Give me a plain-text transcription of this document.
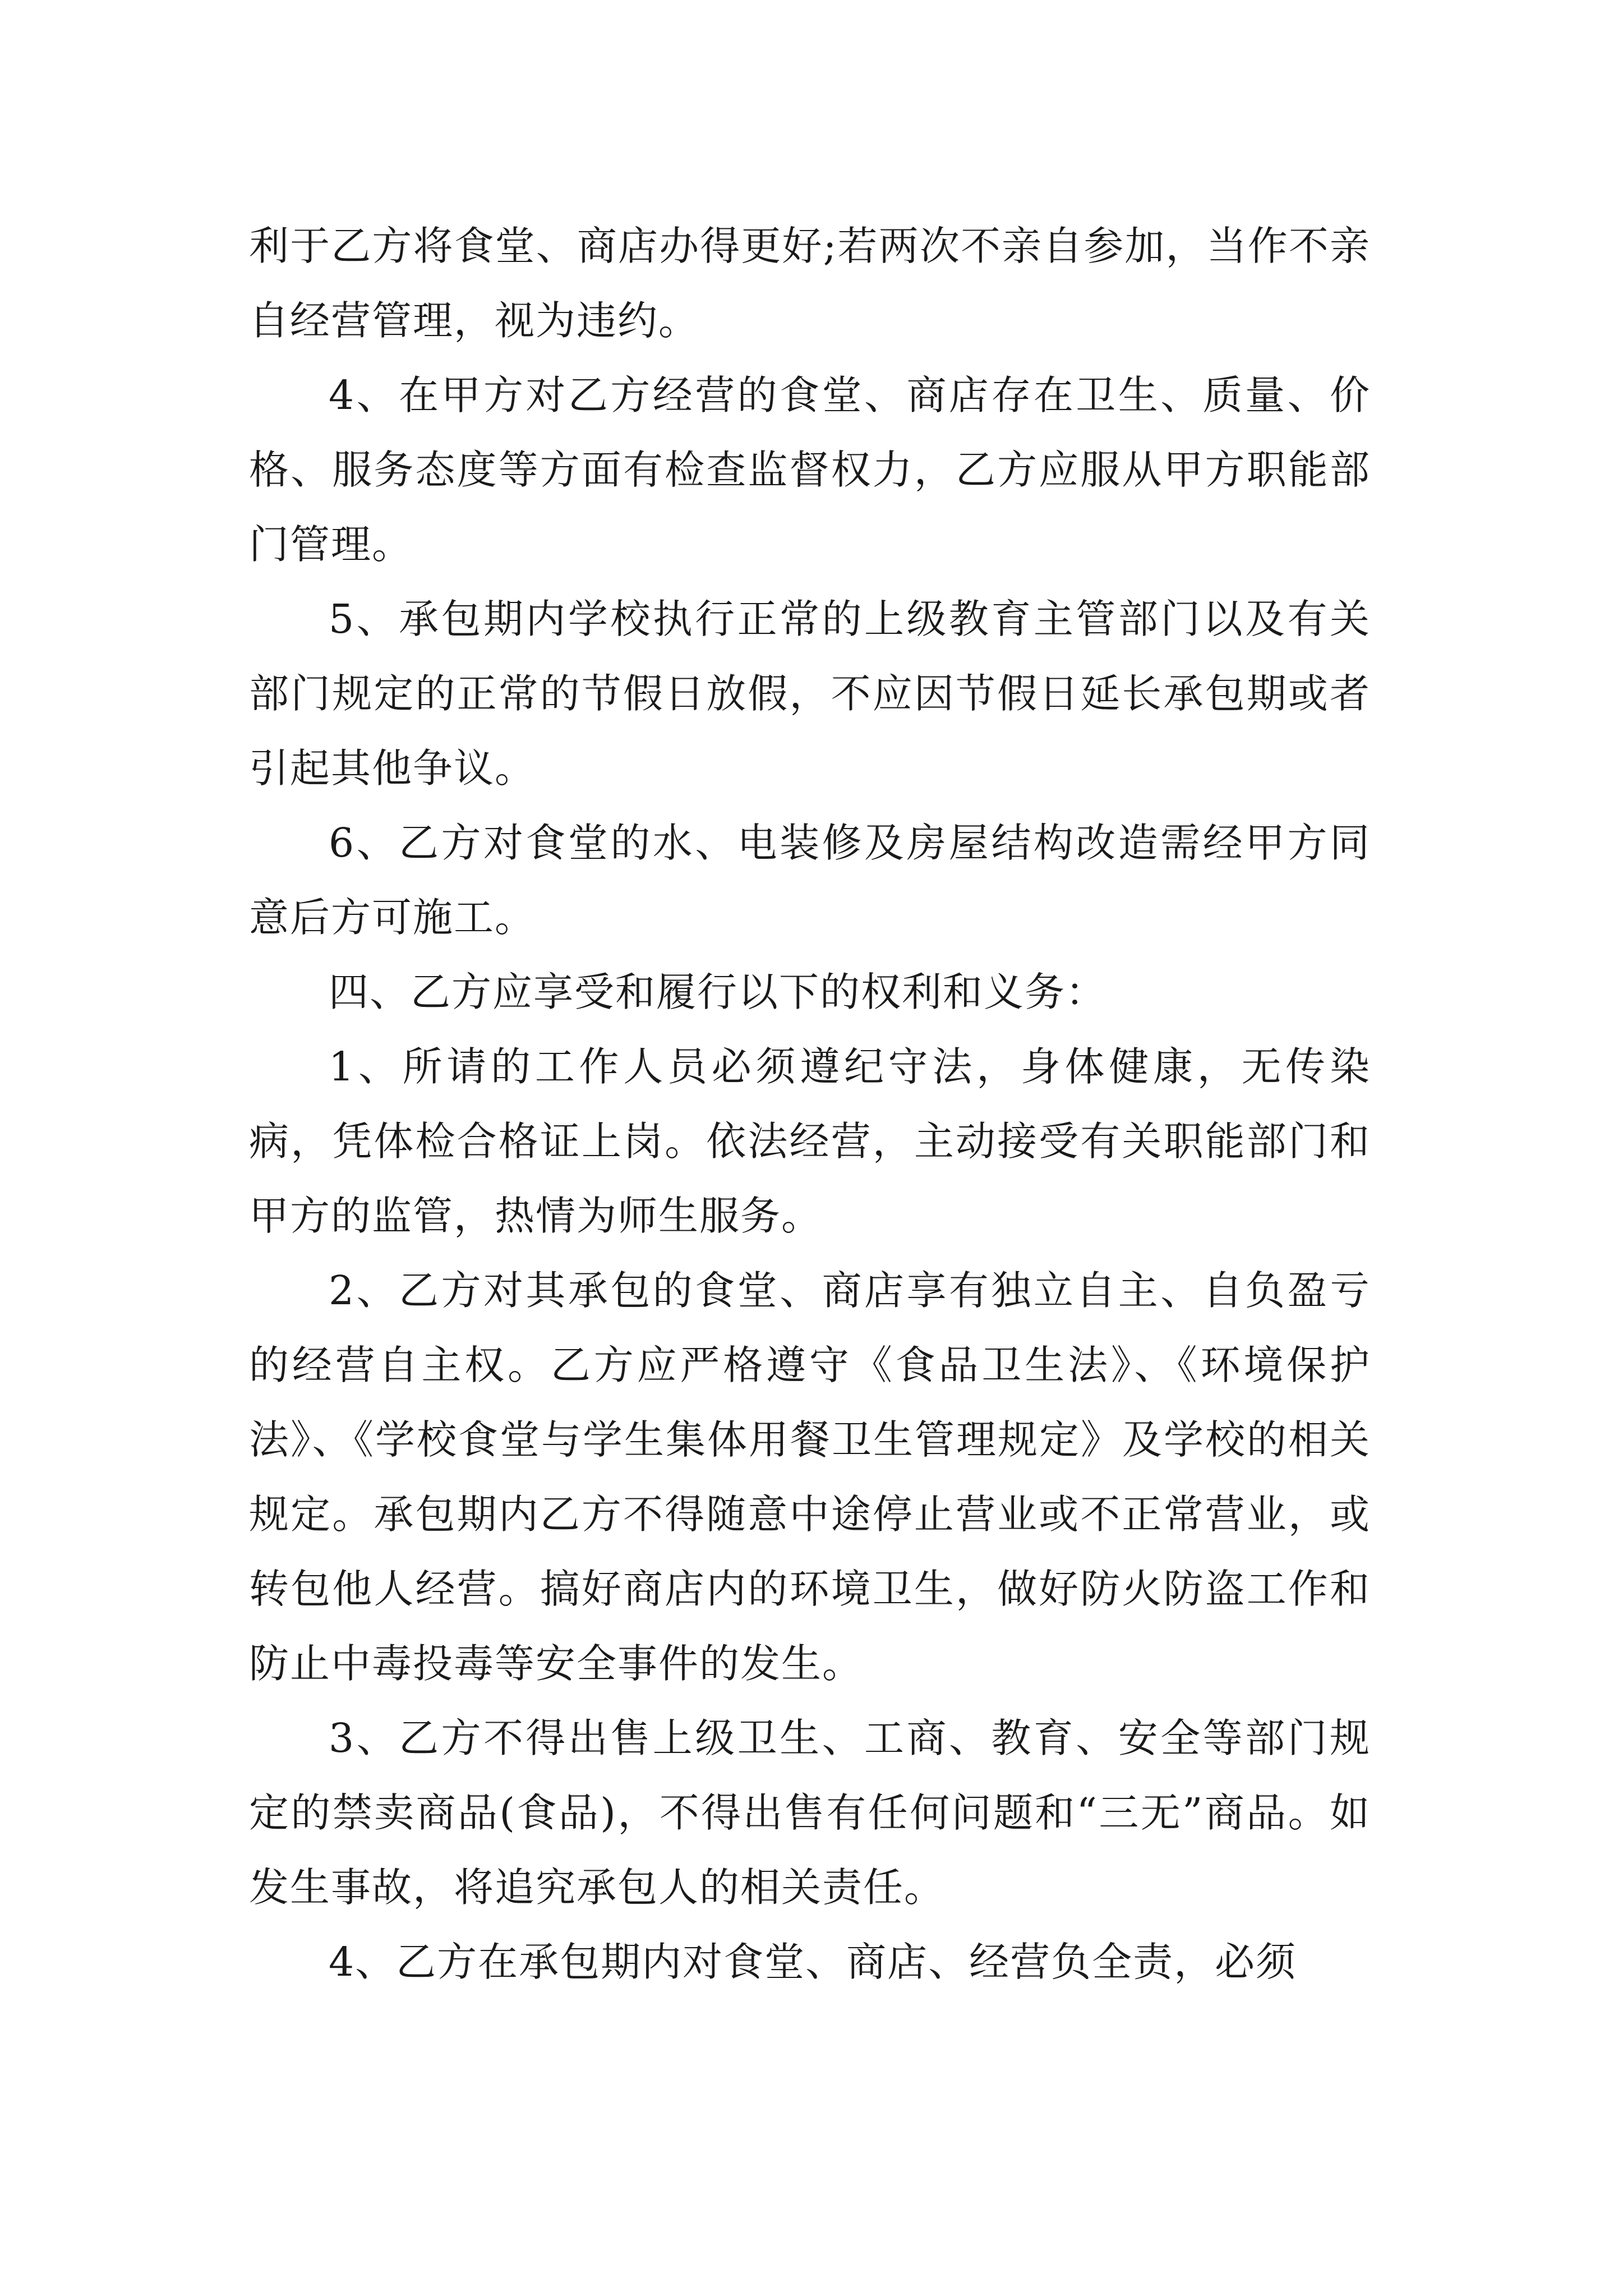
利于乙方将食堂、商店办得更好;若两次不亲自参加，当作不亲自经营管理，视为违约。

4、在甲方对乙方经营的食堂、商店存在卫生、质量、价格、服务态度等方面有检查监督权力，乙方应服从甲方职能部门管理。

5、承包期内学校执行正常的上级教育主管部门以及有关部门规定的正常的节假日放假，不应因节假日延长承包期或者引起其他争议。

6、乙方对食堂的水、电装修及房屋结构改造需经甲方同意后方可施工。

四、乙方应享受和履行以下的权利和义务：

1、所请的工作人员必须遵纪守法，身体健康，无传染病，凭体检合格证上岗。依法经营，主动接受有关职能部门和甲方的监管，热情为师生服务。

2、乙方对其承包的食堂、商店享有独立自主、自负盈亏的经营自主权。乙方应严格遵守《食品卫生法》、《环境保护法》、《学校食堂与学生集体用餐卫生管理规定》及学校的相关规定。承包期内乙方不得随意中途停止营业或不正常营业，或转包他人经营。搞好商店内的环境卫生，做好防火防盗工作和防止中毒投毒等安全事件的发生。

3、乙方不得出售上级卫生、工商、教育、安全等部门规定的禁卖商品(食品)，不得出售有任何问题和“三无”商品。如发生事故，将追究承包人的相关责任。

4、乙方在承包期内对食堂、商店、经营负全责，必须
